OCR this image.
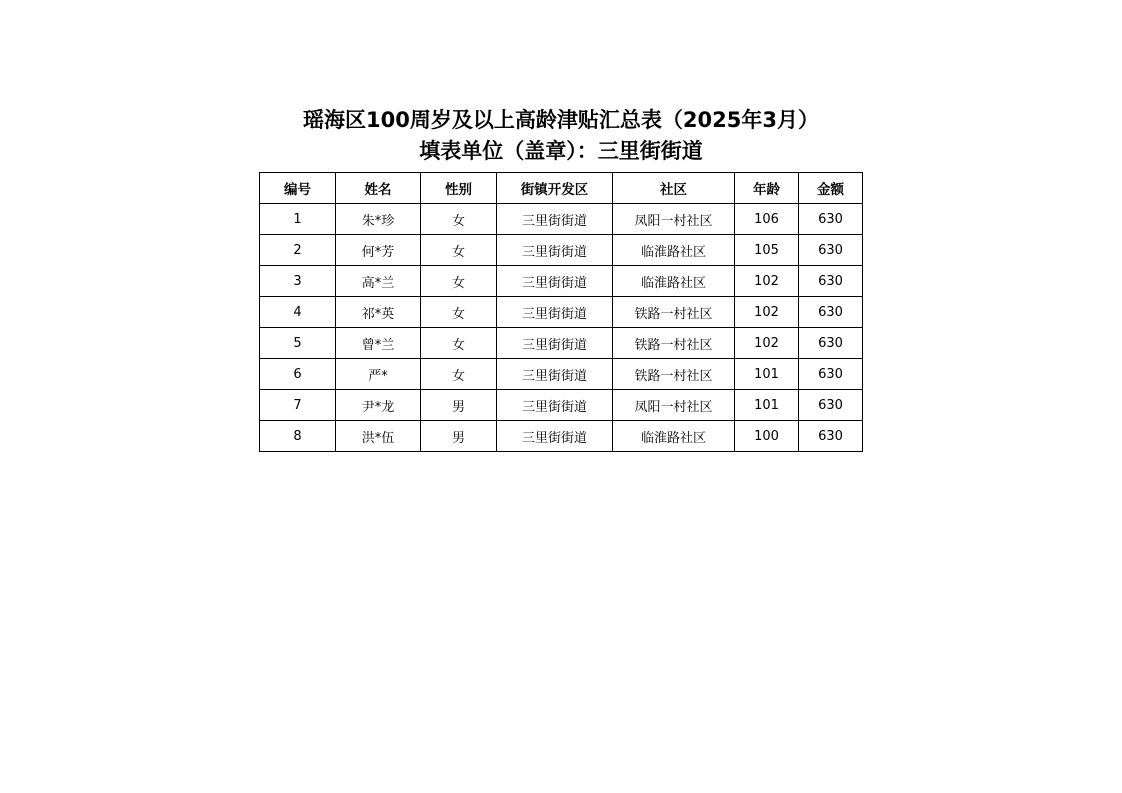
瑶海区100周岁及以上高龄津贴汇总表（2025年3月）
填表单位（盖章）：三里街街道
编号	姓名	性别	街镇开发区	社区	年龄	金额
1	朱*珍	女	三里街街道	凤阳一村社区	106	630
2	何*芳	女	三里街街道	临淮路社区	105	630
3	高*兰	女	三里街街道	临淮路社区	102	630
4	祁*英	女	三里街街道	铁路一村社区	102	630
5	曾*兰	女	三里街街道	铁路一村社区	102	630
6	严*	女	三里街街道	铁路一村社区	101	630
7	尹*龙	男	三里街街道	凤阳一村社区	101	630
8	洪*伍	男	三里街街道	临淮路社区	100	630
